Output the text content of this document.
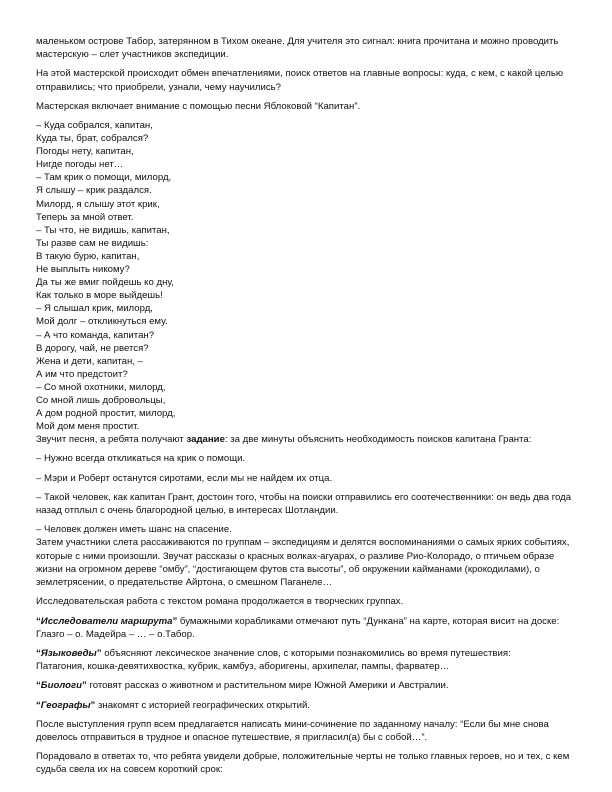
маленьком острове Табор, затерянном в Тихом океане. Для учителя это сигнал: книга прочитана и можно проводить мастерскую – слет участников экспедиции.

На этой мастерской происходит обмен впечатлениями, поиск ответов на главные вопросы: куда, с кем, с какой целью отправились; что приобрели, узнали, чему научились?

Мастерская включает внимание с помощью песни Яблоковой “Капитан”.

– Куда собрался, капитан,
Куда ты, брат, собрался?
Погоды нету, капитан,
Нигде погоды нет…
– Там крик о помощи, милорд,
Я слышу – крик раздался.
Милорд, я слышу этот крик,
Теперь за мной ответ.
– Ты что, не видишь, капитан,
Ты разве сам не видишь:
В такую бурю, капитан,
Не выплыть никому?
Да ты же вмиг пойдешь ко дну,
Как только в море выйдешь!
– Я слышал крик, милорд,
Мой долг – откликнуться ему.
– А что команда, капитан?
В дорогу, чай, не рвется?
Жена и дети, капитан, –
А им что предстоит?
– Со мной охотники, милорд,
Со мной лишь добровольцы,
А дом родной простит, милорд,
Мой дом меня простит.

Звучит песня, а ребята получают задание: за две минуты объяснить необходимость поисков капитана Гранта:

– Нужно всегда откликаться на крик о помощи.

– Мэри и Роберт останутся сиротами, если мы не найдем их отца.

– Такой человек, как капитан Грант, достоин того, чтобы на поиски отправились его соотечественники: он ведь два года назад отплыл с очень благородной целью, в интересах Шотландии.

– Человек должен иметь шанс на спасение.

Затем участники слета рассаживаются по группам – экспедициям и делятся воспоминаниями о самых ярких событиях, которые с ними произошли. Звучат рассказы о красных волках-агуарах, о разливе Рио-Колорадо, о птичьем образе жизни на огромном дереве “омбу”, “достигающем футов ста высоты”, об окружении кайманами (крокодилами), о землетрясении, о предательстве Айртона, о смешном Паганеле…

Исследовательская работа с текстом романа продолжается в творческих группах.

“Исследователи маршрута” бумажными корабликами отмечают путь “Дункана” на карте, которая висит на доске: Глазго – о. Мадейра – … – о.Табор.

“Языковеды” объясняют лексическое значение слов, с которыми познакомились во время путешествия:
Патагония, кошка-девятихвостка, кубрик, камбуз, аборигены, архипелаг, пампы, фарватер…

“Биологи” готовят рассказ о животном и растительном мире Южной Америки и Австралии.

“Географы” знакомят с историей географических открытий.

После выступления групп всем предлагается написать мини-сочинение по заданному началу: “Если бы мне снова довелось отправиться в трудное и опасное путешествие, я пригласил(а) бы с собой…”.

Порадовало в ответах то, что ребята увидели добрые, положительные черты не только главных героев, но и тех, с кем судьба свела их на совсем короткий срок:
